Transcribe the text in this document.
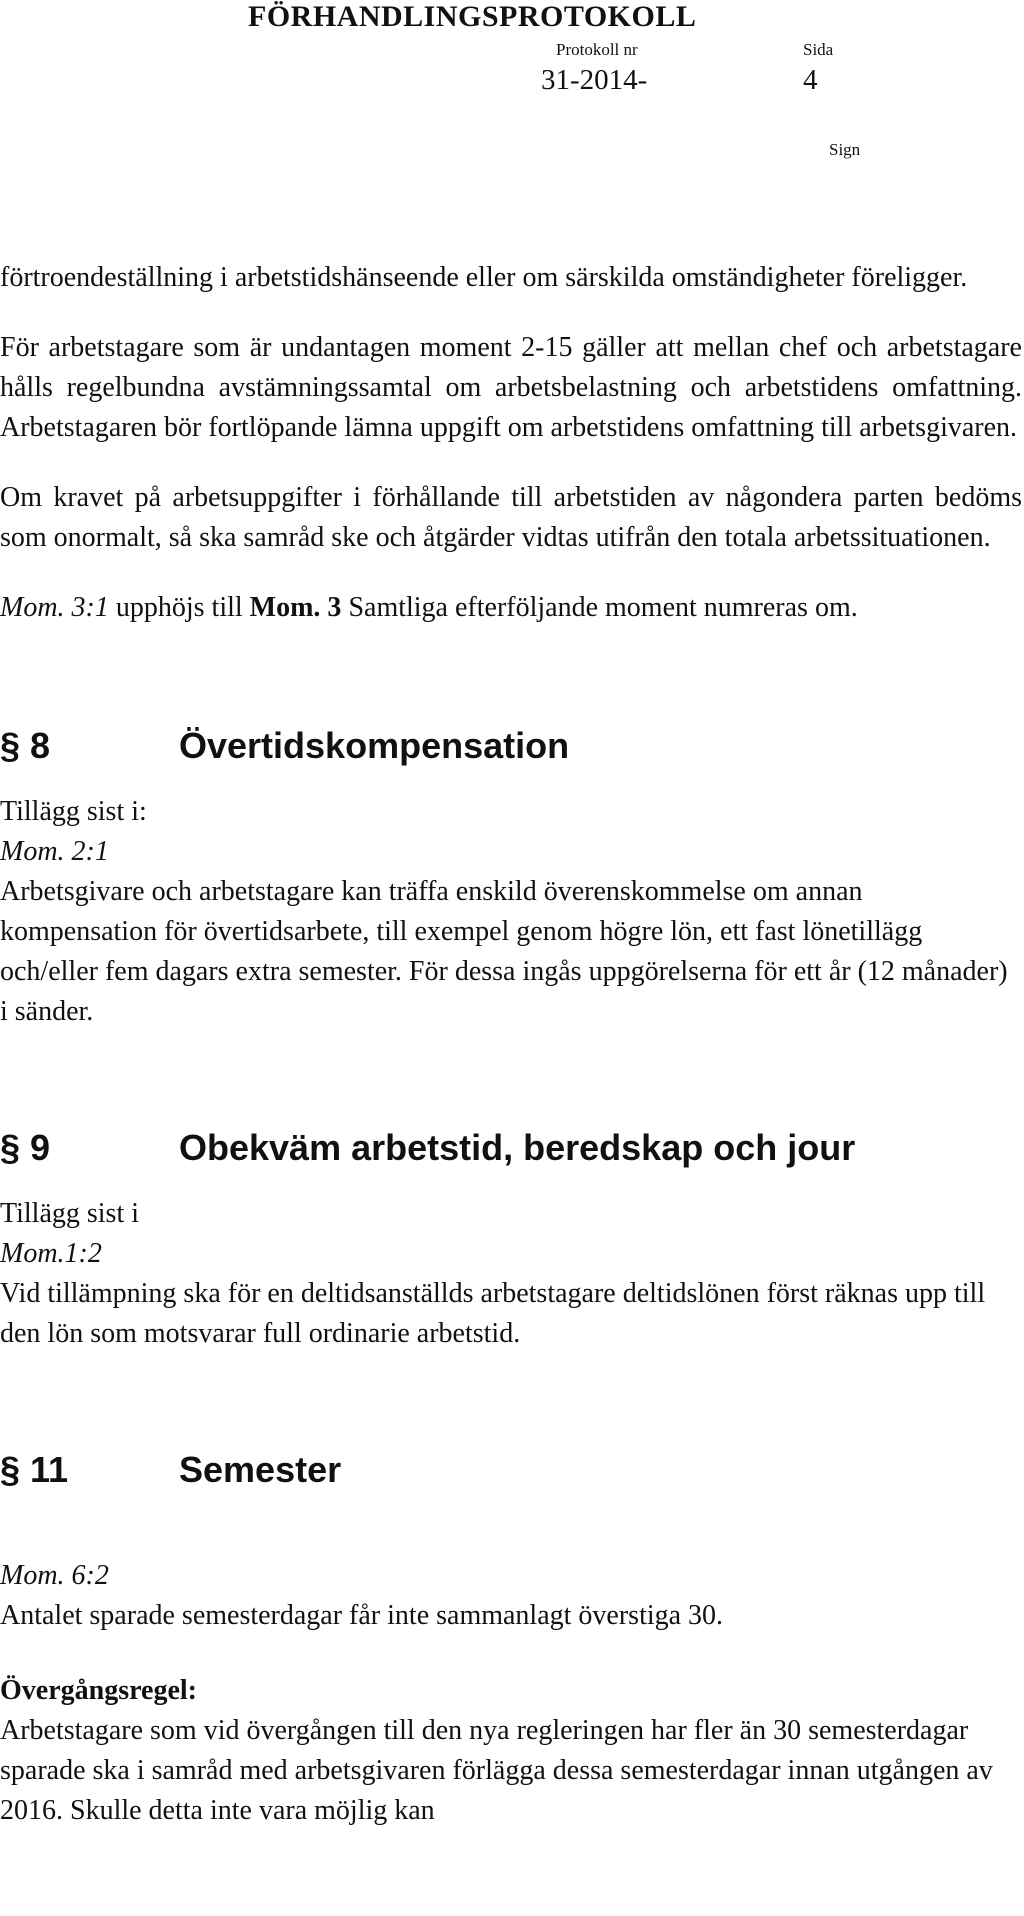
FÖRHANDLINGSPROTOKOLL
Protokoll nr	Sida
31-2014-	4
Sign

förtroendeställning i arbetstidshänseende eller om särskilda omständigheter föreligger.

För arbetstagare som är undantagen moment 2-15 gäller att mellan chef och arbetstagare hålls regelbundna avstämningssamtal om arbetsbelastning och arbetstidens omfattning. Arbetstagaren bör fortlöpande lämna uppgift om arbetstidens omfattning till arbetsgivaren.

Om kravet på arbetsuppgifter i förhållande till arbetstiden av någondera parten bedöms som onormalt, så ska samråd ske och åtgärder vidtas utifrån den totala arbetssituationen.

Mom. 3:1 upphöjs till Mom. 3 Samtliga efterföljande moment numreras om.

§ 8	Övertidskompensation

Tillägg sist i:

Mom. 2:1

Arbetsgivare och arbetstagare kan träffa enskild överenskommelse om annan kompensation för övertidsarbete, till exempel genom högre lön, ett fast lönetillägg och/eller fem dagars extra semester. För dessa ingås uppgörelserna för ett år (12 månader) i sänder.

§ 9	Obekväm arbetstid, beredskap och jour

Tillägg sist i

Mom.1:2

Vid tillämpning ska för en deltidsanställds arbetstagare deltidslönen först räknas upp till den lön som motsvarar full ordinarie arbetstid.

§ 11	Semester

Mom. 6:2

Antalet sparade semesterdagar får inte sammanlagt överstiga 30.

Övergångsregel:

Arbetstagare som vid övergången till den nya regleringen har fler än 30 semesterdagar sparade ska i samråd med arbetsgivaren förlägga dessa semesterdagar innan utgången av 2016. Skulle detta inte vara möjlig kan
